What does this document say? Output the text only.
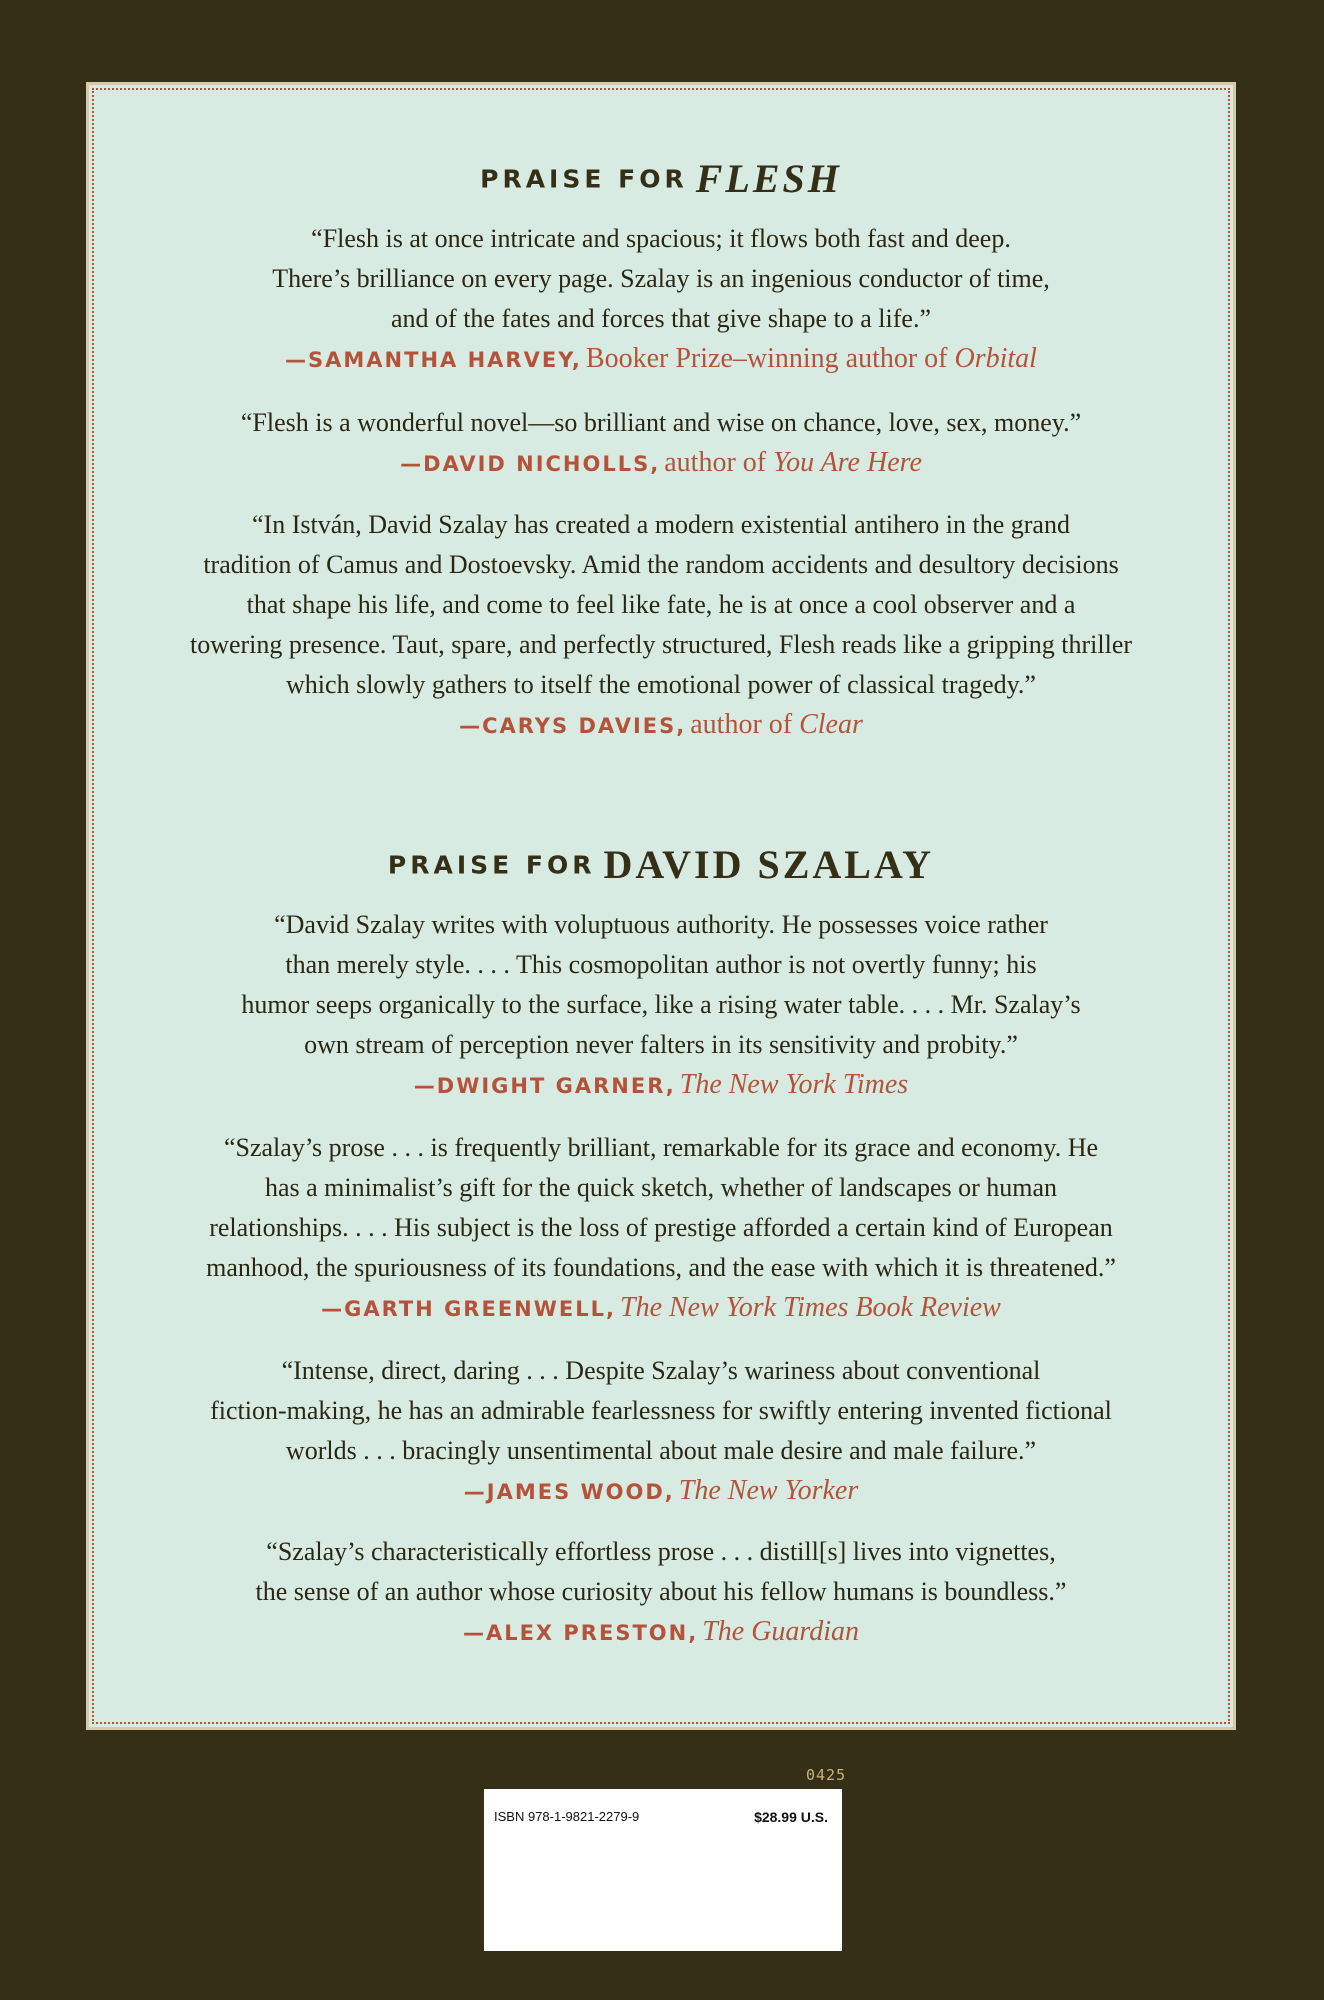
PRAISE FOR FLESH

“Flesh is at once intricate and spacious; it flows both fast and deep.
There’s brilliance on every page. Szalay is an ingenious conductor of time,
and of the fates and forces that give shape to a life.”

—SAMANTHA HARVEY, Booker Prize–winning author of Orbital

“Flesh is a wonderful novel—so brilliant and wise on chance, love, sex, money.”

—DAVID NICHOLLS, author of You Are Here

“In István, David Szalay has created a modern existential antihero in the grand
tradition of Camus and Dostoevsky. Amid the random accidents and desultory decisions
that shape his life, and come to feel like fate, he is at once a cool observer and a
towering presence. Taut, spare, and perfectly structured, Flesh reads like a gripping thriller
which slowly gathers to itself the emotional power of classical tragedy.”

—CARYS DAVIES, author of Clear

PRAISE FOR DAVID SZALAY

“David Szalay writes with voluptuous authority. He possesses voice rather
than merely style. . . . This cosmopolitan author is not overtly funny; his
humor seeps organically to the surface, like a rising water table. . . . Mr. Szalay’s
own stream of perception never falters in its sensitivity and probity.”

—DWIGHT GARNER, The New York Times

“Szalay’s prose . . . is frequently brilliant, remarkable for its grace and economy. He
has a minimalist’s gift for the quick sketch, whether of landscapes or human
relationships. . . . His subject is the loss of prestige afforded a certain kind of European
manhood, the spuriousness of its foundations, and the ease with which it is threatened.”

—GARTH GREENWELL, The New York Times Book Review

“Intense, direct, daring . . . Despite Szalay’s wariness about conventional
fiction-making, he has an admirable fearlessness for swiftly entering invented fictional
worlds . . . bracingly unsentimental about male desire and male failure.”

—JAMES WOOD, The New Yorker

“Szalay’s characteristically effortless prose . . . distill[s] lives into vignettes,
the sense of an author whose curiosity about his fellow humans is boundless.”

—ALEX PRESTON, The Guardian

0425
ISBN 978-1-9821-2279-9	$28.99 U.S.
